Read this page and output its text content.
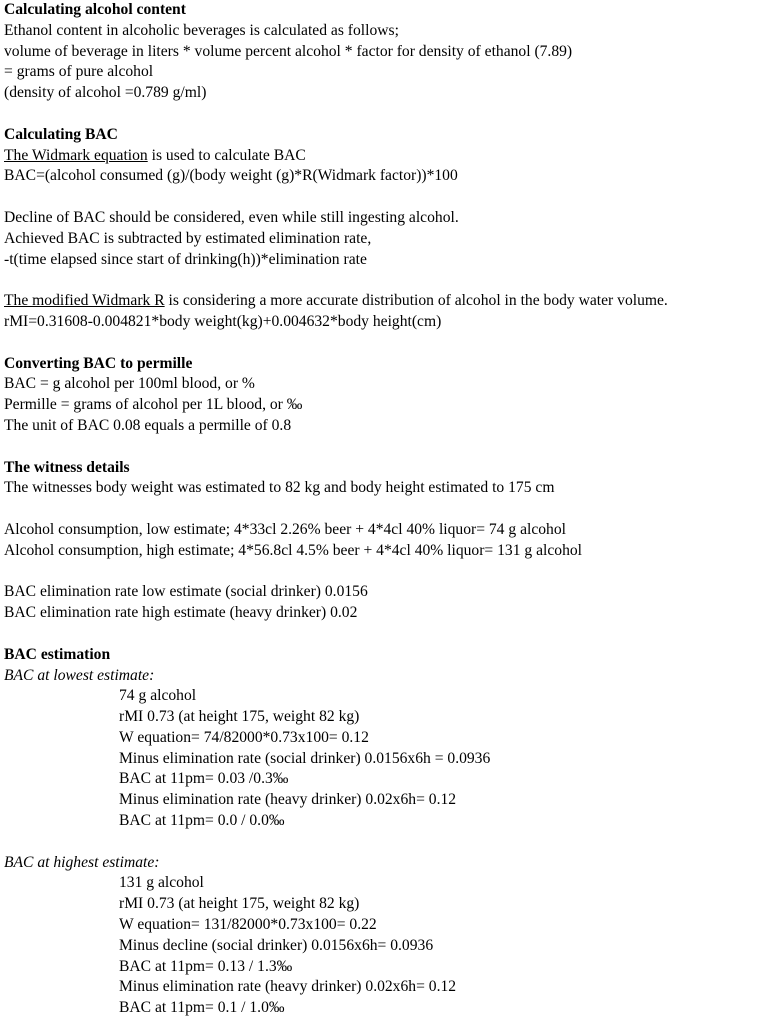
Calculating alcohol content
Ethanol content in alcoholic beverages is calculated as follows;
volume of beverage in liters * volume percent alcohol * factor for density of ethanol (7.89)
= grams of pure alcohol
(density of alcohol =0.789 g/ml)
Calculating BAC
The Widmark equation is used to calculate BAC
BAC=(alcohol consumed (g)/(body weight (g)*R(Widmark factor))*100
Decline of BAC should be considered, even while still ingesting alcohol.
Achieved BAC is subtracted by estimated elimination rate,
-t(time elapsed since start of drinking(h))*elimination rate
The modified Widmark R is considering a more accurate distribution of alcohol in the body water volume.
rMI=0.31608-0.004821*body weight(kg)+0.004632*body height(cm)
Converting BAC to permille
BAC = g alcohol per 100ml blood, or %
Permille = grams of alcohol per 1L blood, or ‰
The unit of BAC 0.08 equals a permille of 0.8
The witness details
The witnesses body weight was estimated to 82 kg and body height estimated to 175 cm
Alcohol consumption, low estimate; 4*33cl 2.26% beer + 4*4cl 40% liquor= 74 g alcohol
Alcohol consumption, high estimate; 4*56.8cl 4.5% beer + 4*4cl 40% liquor= 131 g alcohol
BAC elimination rate low estimate (social drinker) 0.0156
BAC elimination rate high estimate (heavy drinker) 0.02
BAC estimation
BAC at lowest estimate:
74 g alcohol
rMI 0.73 (at height 175, weight 82 kg)
W equation= 74/82000*0.73x100= 0.12
Minus elimination rate (social drinker) 0.0156x6h = 0.0936
BAC at 11pm= 0.03 /0.3‰
Minus elimination rate (heavy drinker) 0.02x6h= 0.12
BAC at 11pm= 0.0 / 0.0‰
BAC at highest estimate:
131 g alcohol
rMI 0.73 (at height 175, weight 82 kg)
W equation= 131/82000*0.73x100= 0.22
Minus decline (social drinker) 0.0156x6h= 0.0936
BAC at 11pm= 0.13 / 1.3‰
Minus elimination rate (heavy drinker) 0.02x6h= 0.12
BAC at 11pm= 0.1 / 1.0‰
